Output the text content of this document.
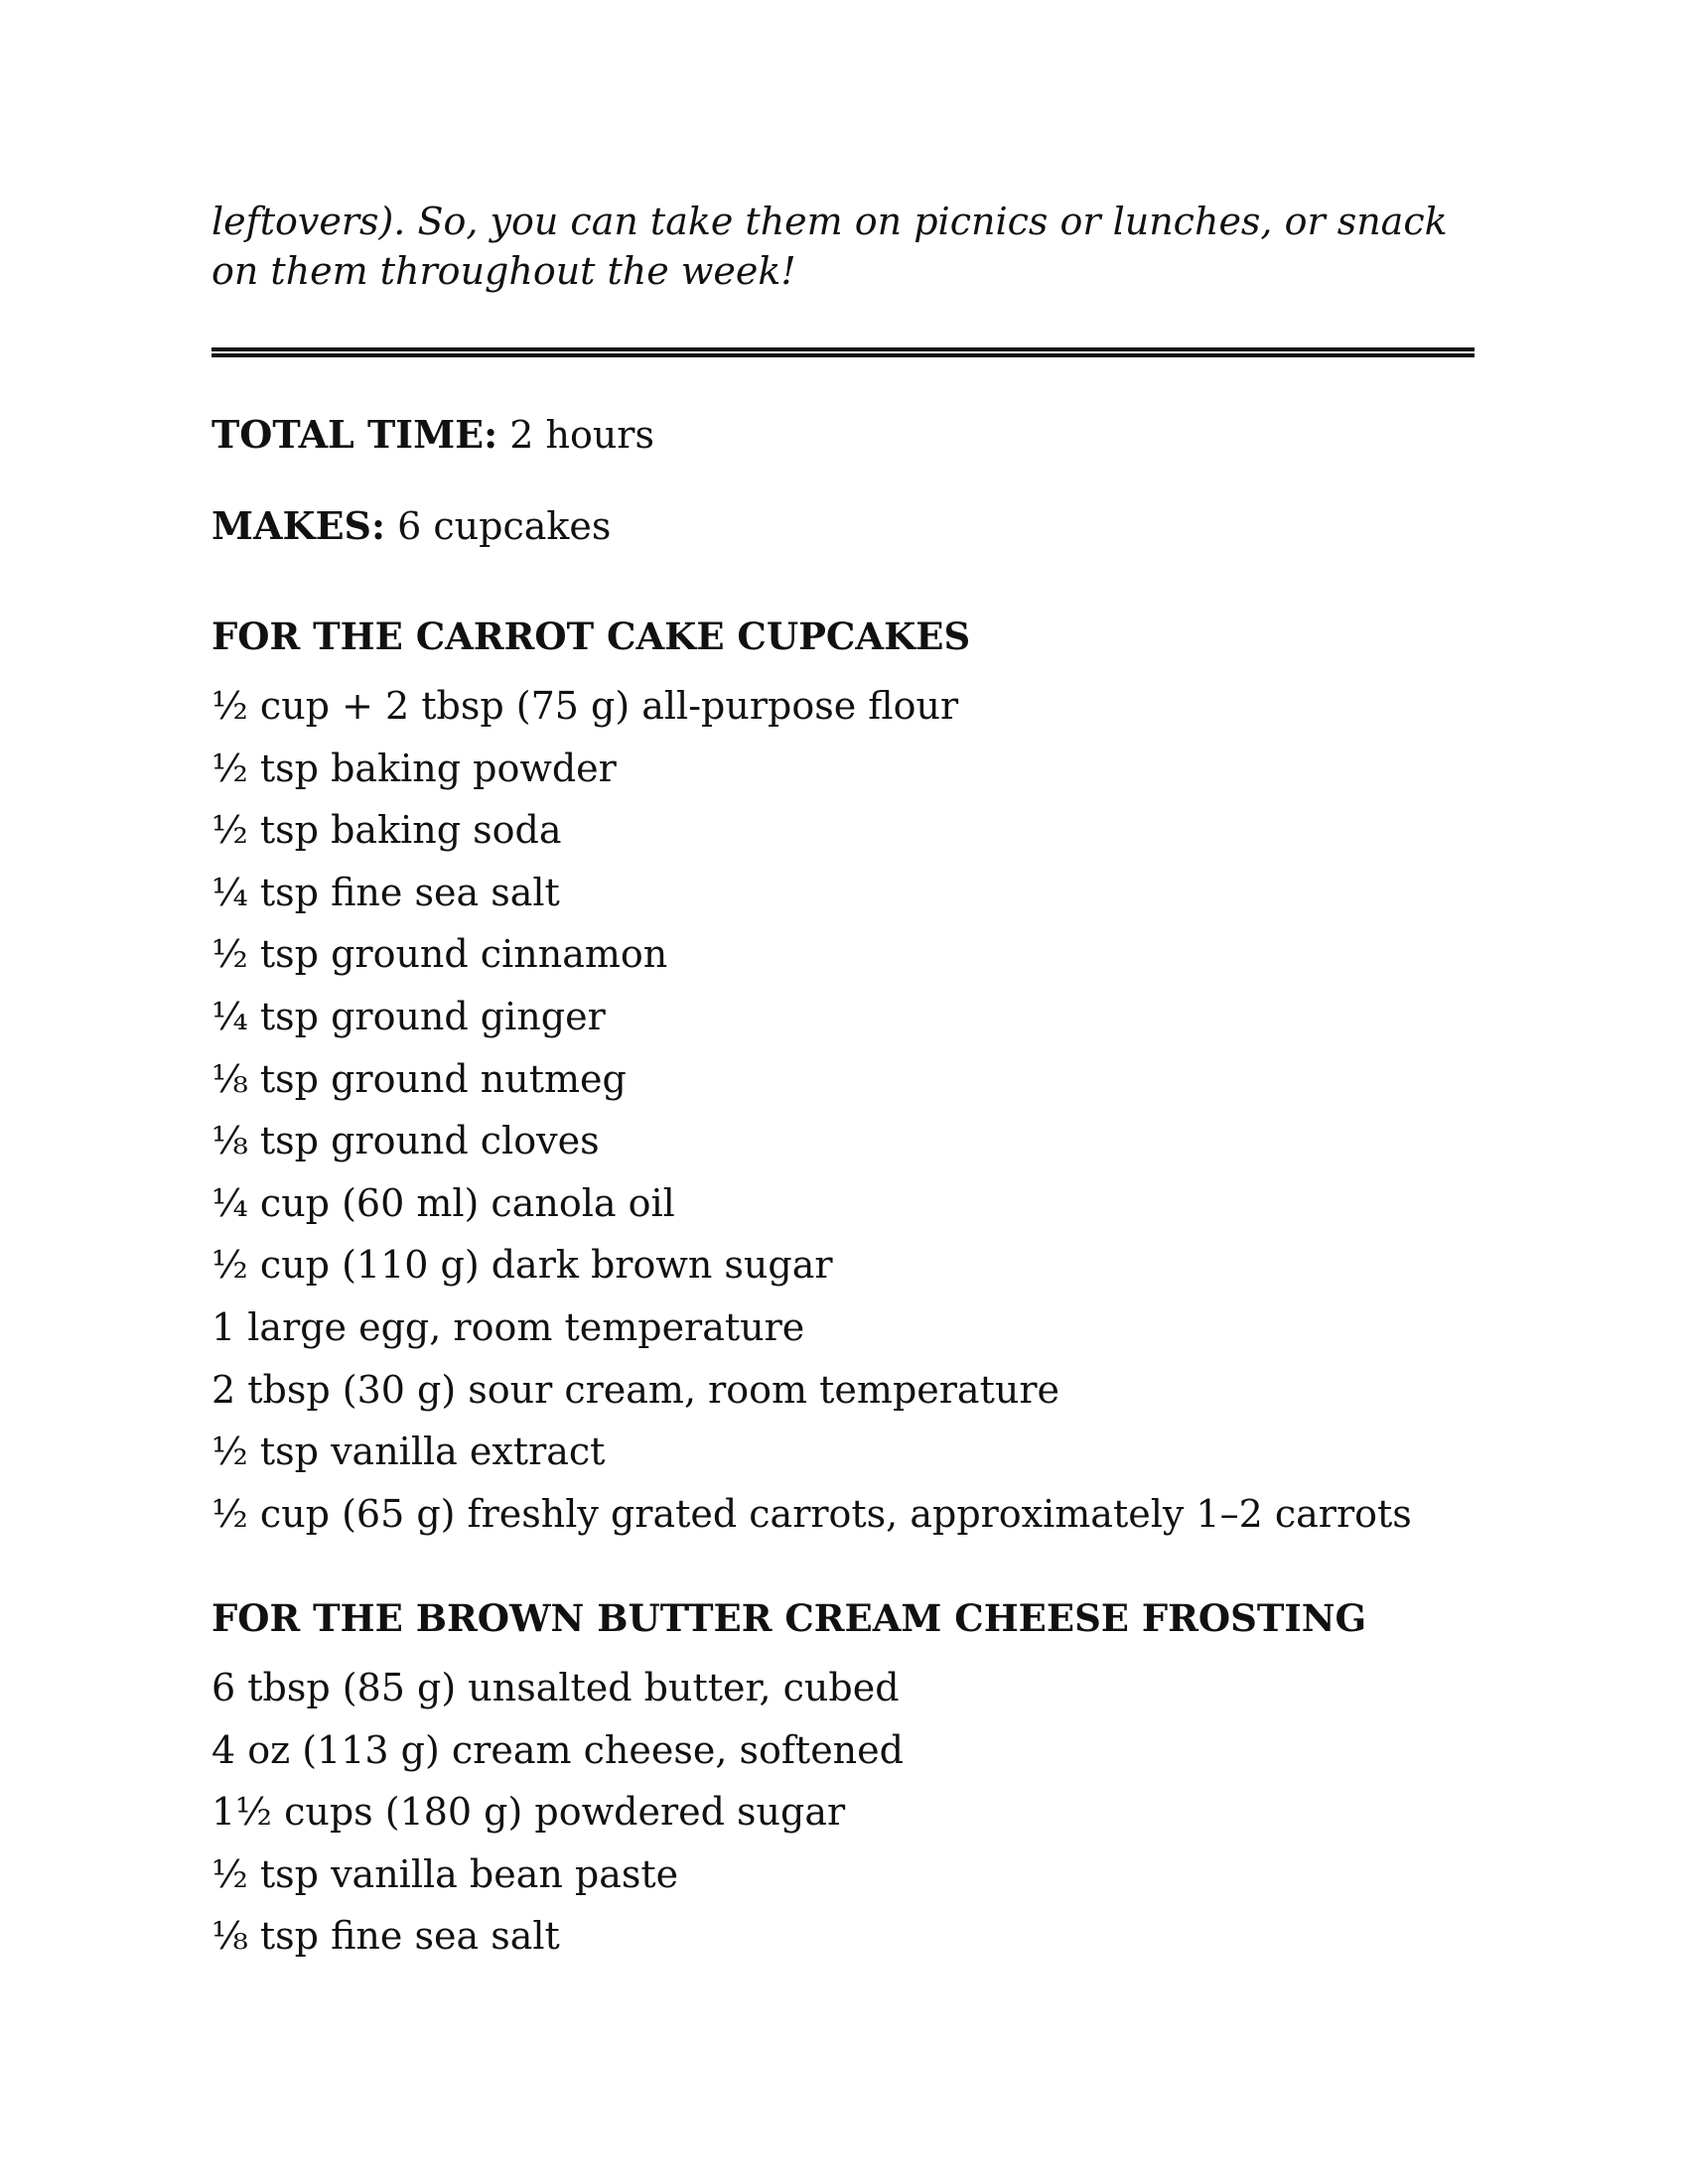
leftovers). So, you can take them on picnics or lunches, or snack on them throughout the week!

TOTAL TIME: 2 hours

MAKES: 6 cupcakes

FOR THE CARROT CAKE CUPCAKES
½ cup + 2 tbsp (75 g) all-purpose flour
½ tsp baking powder
½ tsp baking soda
¼ tsp fine sea salt
½ tsp ground cinnamon
¼ tsp ground ginger
⅛ tsp ground nutmeg
⅛ tsp ground cloves
¼ cup (60 ml) canola oil
½ cup (110 g) dark brown sugar
1 large egg, room temperature
2 tbsp (30 g) sour cream, room temperature
½ tsp vanilla extract
½ cup (65 g) freshly grated carrots, approximately 1–2 carrots
FOR THE BROWN BUTTER CREAM CHEESE FROSTING
6 tbsp (85 g) unsalted butter, cubed
4 oz (113 g) cream cheese, softened
1½ cups (180 g) powdered sugar
½ tsp vanilla bean paste
⅛ tsp fine sea salt
